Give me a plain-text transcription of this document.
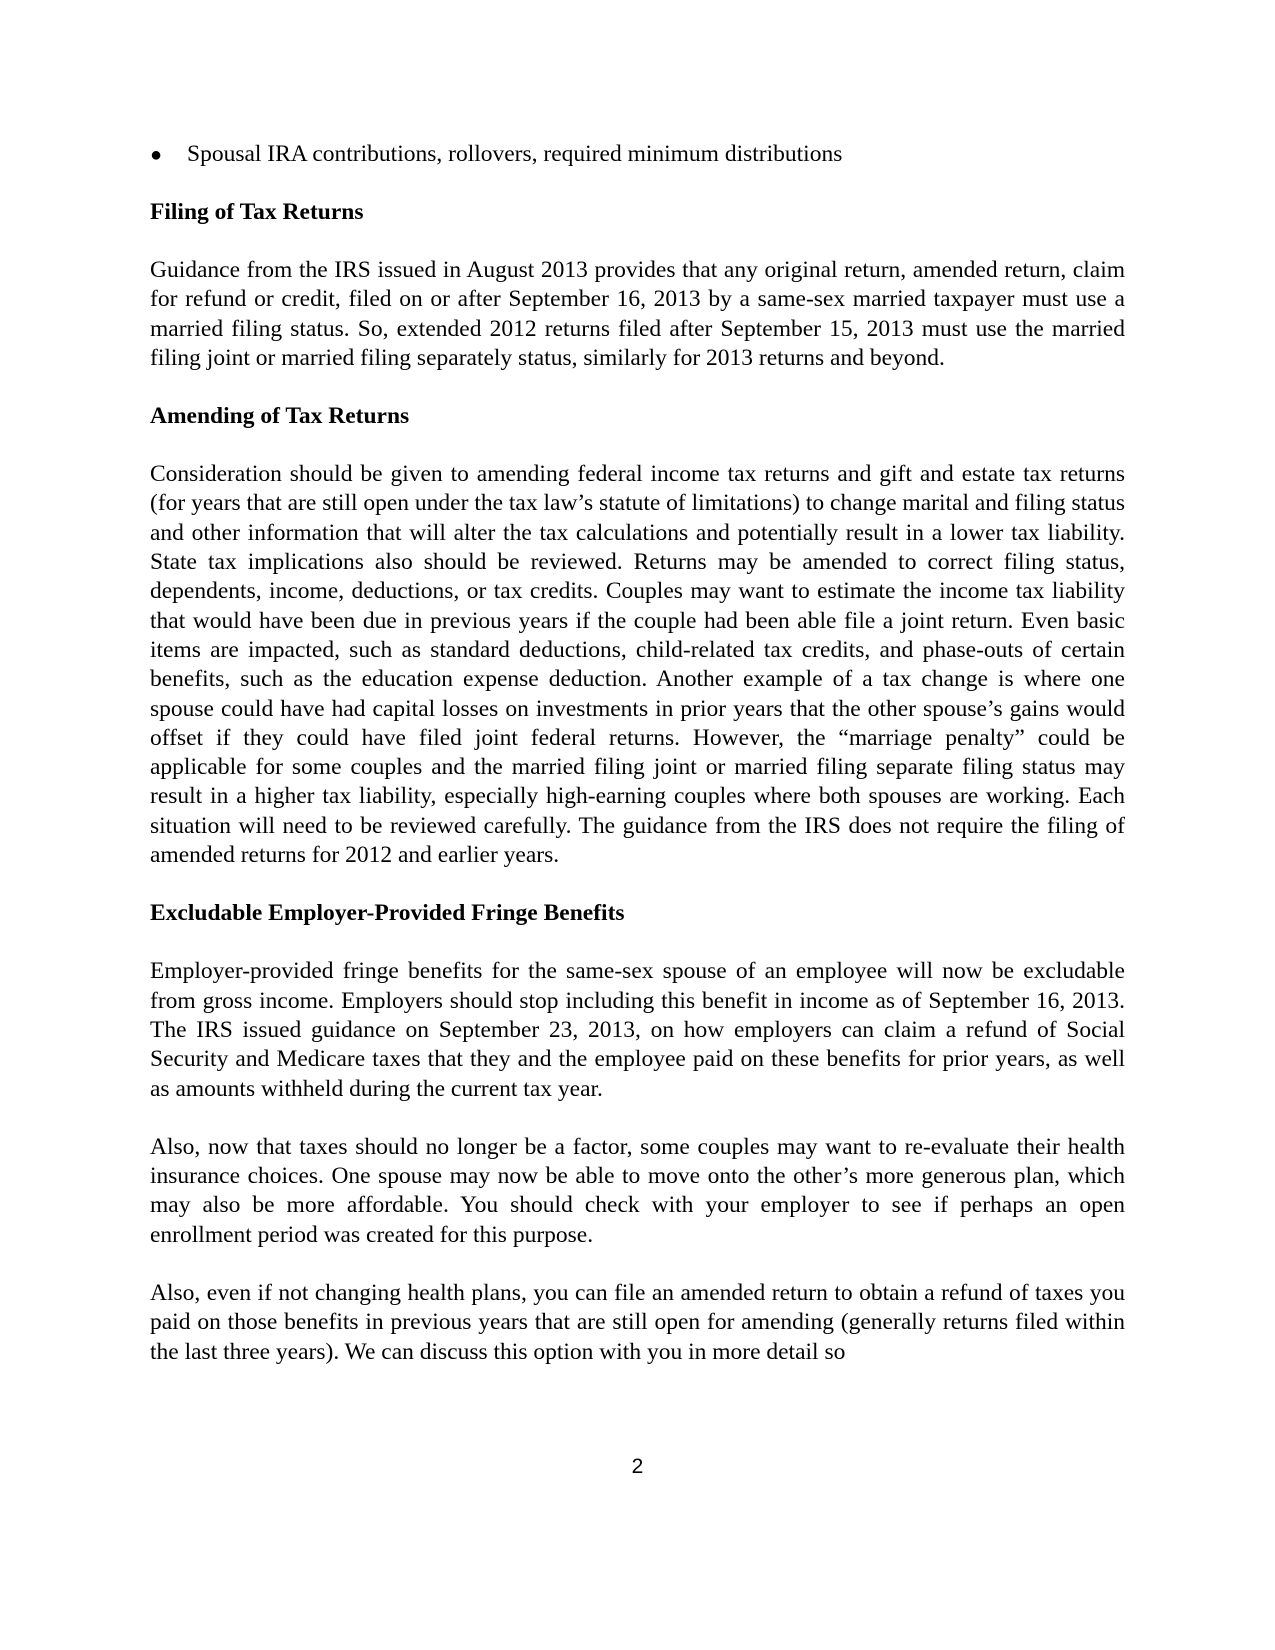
●	Spousal IRA contributions, rollovers, required minimum distributions
Filing of Tax Returns

Guidance from the IRS issued in August 2013 provides that any original return, amended return, claim for refund or credit, filed on or after September 16, 2013 by a same-sex married taxpayer must use a married filing status. So, extended 2012 returns filed after September 15, 2013 must use the married filing joint or married filing separately status, similarly for 2013 returns and beyond.

Amending of Tax Returns

Consideration should be given to amending federal income tax returns and gift and estate tax returns (for years that are still open under the tax law’s statute of limitations) to change marital and filing status and other information that will alter the tax calculations and potentially result in a lower tax liability. State tax implications also should be reviewed. Returns may be amended to correct filing status, dependents, income, deductions, or tax credits. Couples may want to estimate the income tax liability that would have been due in previous years if the couple had been able file a joint return. Even basic items are impacted, such as standard deductions, child-related tax credits, and phase-outs of certain benefits, such as the education expense deduction. Another example of a tax change is where one spouse could have had capital losses on investments in prior years that the other spouse’s gains would offset if they could have filed joint federal returns. However, the “marriage penalty” could be applicable for some couples and the married filing joint or married filing separate filing status may result in a higher tax liability, especially high-earning couples where both spouses are working. Each situation will need to be reviewed carefully. The guidance from the IRS does not require the filing of amended returns for 2012 and earlier years.

Excludable Employer-Provided Fringe Benefits

Employer-provided fringe benefits for the same-sex spouse of an employee will now be excludable from gross income. Employers should stop including this benefit in income as of September 16, 2013. The IRS issued guidance on September 23, 2013, on how employers can claim a refund of Social Security and Medicare taxes that they and the employee paid on these benefits for prior years, as well as amounts withheld during the current tax year.

Also, now that taxes should no longer be a factor, some couples may want to re-evaluate their health insurance choices. One spouse may now be able to move onto the other’s more generous plan, which may also be more affordable. You should check with your employer to see if perhaps an open enrollment period was created for this purpose.

Also, even if not changing health plans, you can file an amended return to obtain a refund of taxes you paid on those benefits in previous years that are still open for amending (generally returns filed within the last three years). We can discuss this option with you in more detail so

2
